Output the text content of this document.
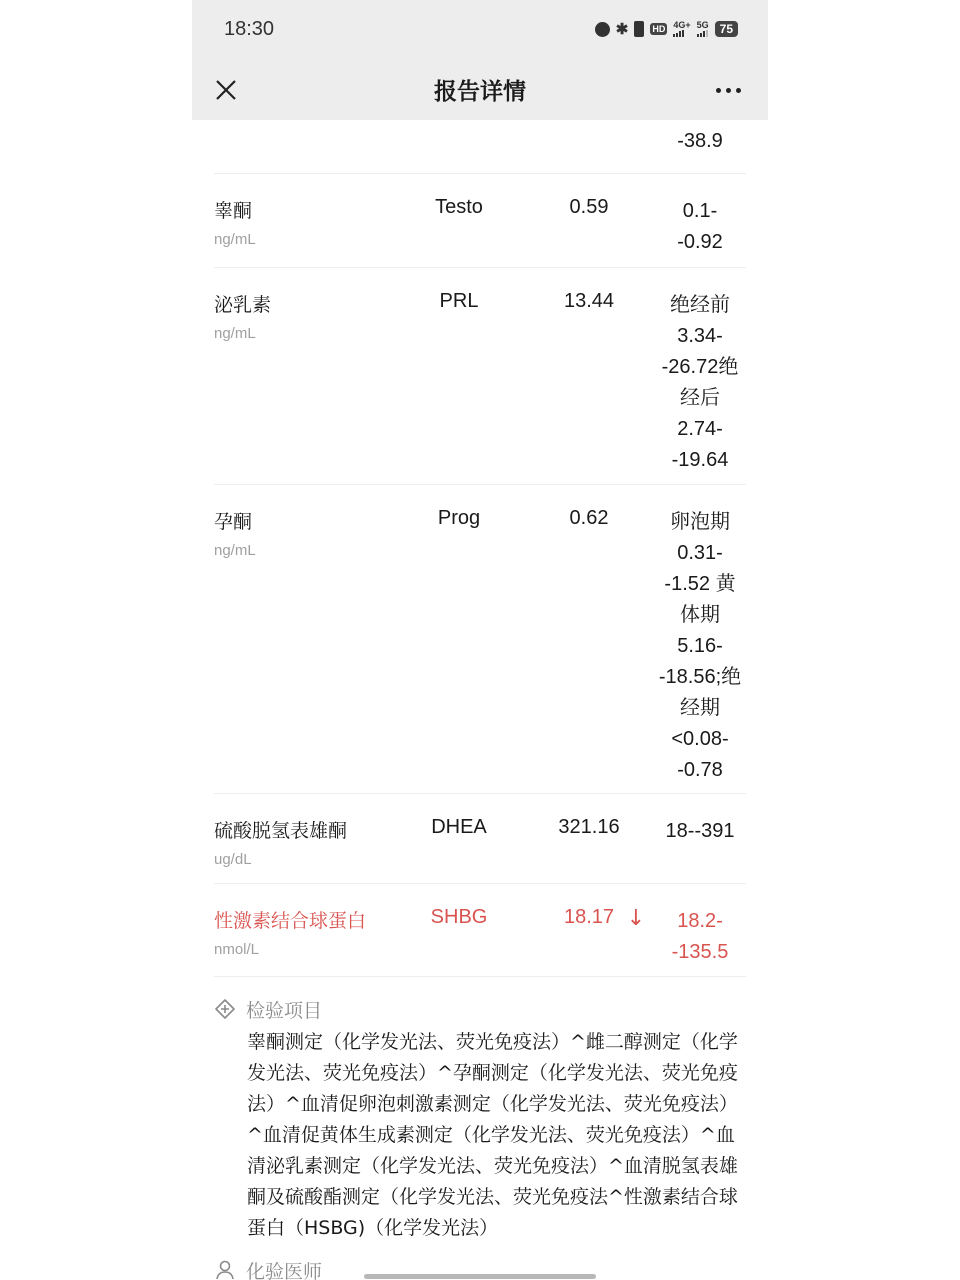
18:30	✱	HD 4G+ 5G 75
报告详情
-38.9
睾酮
ng/mL
Testo	0.59	0.1-
-0.92
泌乳素
ng/mL
PRL	13.44	绝经前
3.34-
-26.72绝
经后
2.74-
-19.64
孕酮
ng/mL
Prog	0.62	卵泡期
0.31-
-1.52 黄
体期
5.16-
-18.56;绝
经期
<0.08-
-0.78
硫酸脱氢表雄酮
ug/dL
DHEA	321.16	18--391
性激素结合球蛋白
nmol/L
SHBG	18.17 ↓	18.2-
-135.5
检验项目
睾酮测定（化学发光法、荧光免疫法）^雌二醇测定（化学发光法、荧光免疫法）^孕酮测定（化学发光法、荧光免疫法）^血清促卵泡刺激素测定（化学发光法、荧光免疫法）^血清促黄体生成素测定（化学发光法、荧光免疫法）^血清泌乳素测定（化学发光法、荧光免疫法）^血清脱氢表雄酮及硫酸酯测定（化学发光法、荧光免疫法^性激素结合球蛋白（HSBG)（化学发光法）
化验医师
